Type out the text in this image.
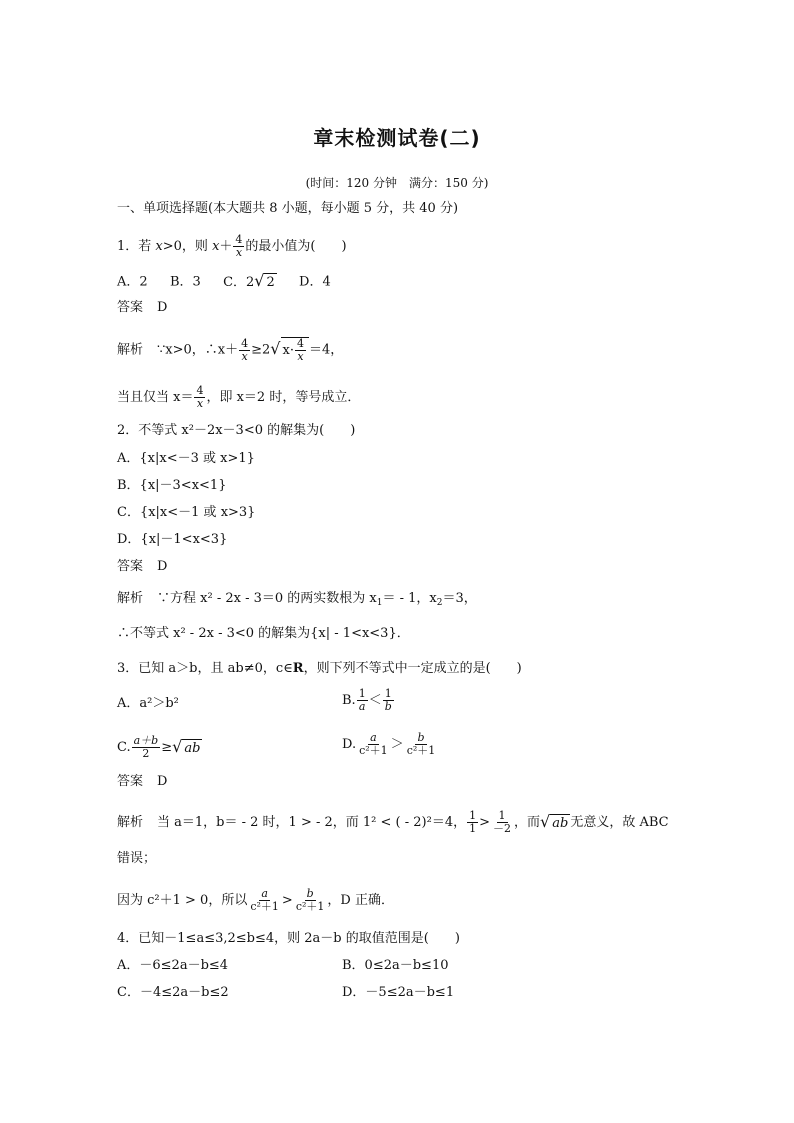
章末检测试卷(二)
(时间：120 分钟　满分：150 分)
一、单项选择题(本大题共 8 小题，每小题 5 分，共 40 分)
1．若 x>0，则 $x+ \frac{4}{x}$ 的最小值为(　　)
A．2 B．3 C．2√ 2 D．4
答案 D
解析 ∵x>0，∴x＋ $\frac{4}{x} \ge 2√$ $x\cdot \frac{4}{x} =4$，
当且仅当 $x= \frac{4}{x}$ ，即 x＝2 时，等号成立．
2．不等式 x²－2x－3<0 的解集为(　　)
A．{x|x<－3 或 x>1}
B．{x|－3<x<1}
C．{x|x<－1 或 x>3}
D．{x|－1<x<3}
答案 D
解析 ∵方程 x² - 2x - 3＝0 的两实数根为 $x_1= - 1$，$x_2=3$，
∴不等式 x² - 2x - 3<0 的解集为{x| - 1<x<3}．
3．已知 a＞b，且 ab≠0，c∈R，则下列不等式中一定成立的是(　　)
A．a²＞b²	B. $\frac{1}{a} < \frac{1}{b}$
C. $\frac{a+b}{2}$ ≥√ ab	D. $\frac{a}{\text{c²＋1}} > \frac{b}{\text{c²＋1}}$
答案 D
解析 当 a＝1，b＝ - 2 时，1 > - 2，而 1² < ( - 2)²＝4， $\frac{1}{1} > \frac{1}{-2}$ ，而√ ab 无意义，故 ABC
错误；
因为 c²＋1 > 0，所以 $\frac{a}{\text{c²＋1}} > \frac{b}{\text{c²＋1}}$ ，D 正确．
4．已知－1≤a≤3,2≤b≤4，则 2a－b 的取值范围是(　　)
A．－6≤2a－b≤4	B．0≤2a－b≤10
C．－4≤2a－b≤2	D．－5≤2a－b≤1
